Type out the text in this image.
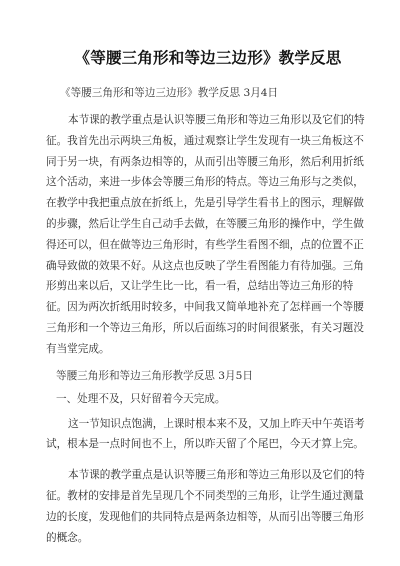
《等腰三角形和等边三边形》教学反思
《等腰三角形和等边三边形》教学反思 3月4日

本节课的教学重点是认识等腰三角形和等边三角形以及它们的特征。我首先出示两块三角板，通过观察让学生发现有一块三角板这不同于另一块，有两条边相等的，从而引出等腰三角形，然后利用折纸这个活动，来进一步体会等腰三角形的特点。等边三角形与之类似，在教学中我把重点放在折纸上，先是引导学生看书上的图示，理解做的步骤，然后让学生自己动手去做，在等腰三角形的操作中，学生做得还可以，但在做等边三角形时，有些学生看图不细，点的位置不正确导致做的效果不好。从这点也反映了学生看图能力有待加强。三角形剪出来以后，又让学生比一比，看一看，总结出等边三角形的特征。因为两次折纸用时较多，中间我又简单地补充了怎样画一个等腰三角形和一个等边三角形，所以后面练习的时间很紧张，有关习题没有当堂完成。

等腰三角形和等边三角形教学反思 3月5日
一、处理不及，只好留着今天完成。

这一节知识点饱满，上课时根本来不及，又加上昨天中午英语考试，根本是一点时间也不上，所以昨天留了个尾巴，今天才算上完。

本节课的教学重点是认识等腰三角形和等边三角形以及它们的特征。教材的安排是首先呈现几个不同类型的三角形，让学生通过测量边的长度，发现他们的共同特点是两条边相等，从而引出等腰三角形的概念。
